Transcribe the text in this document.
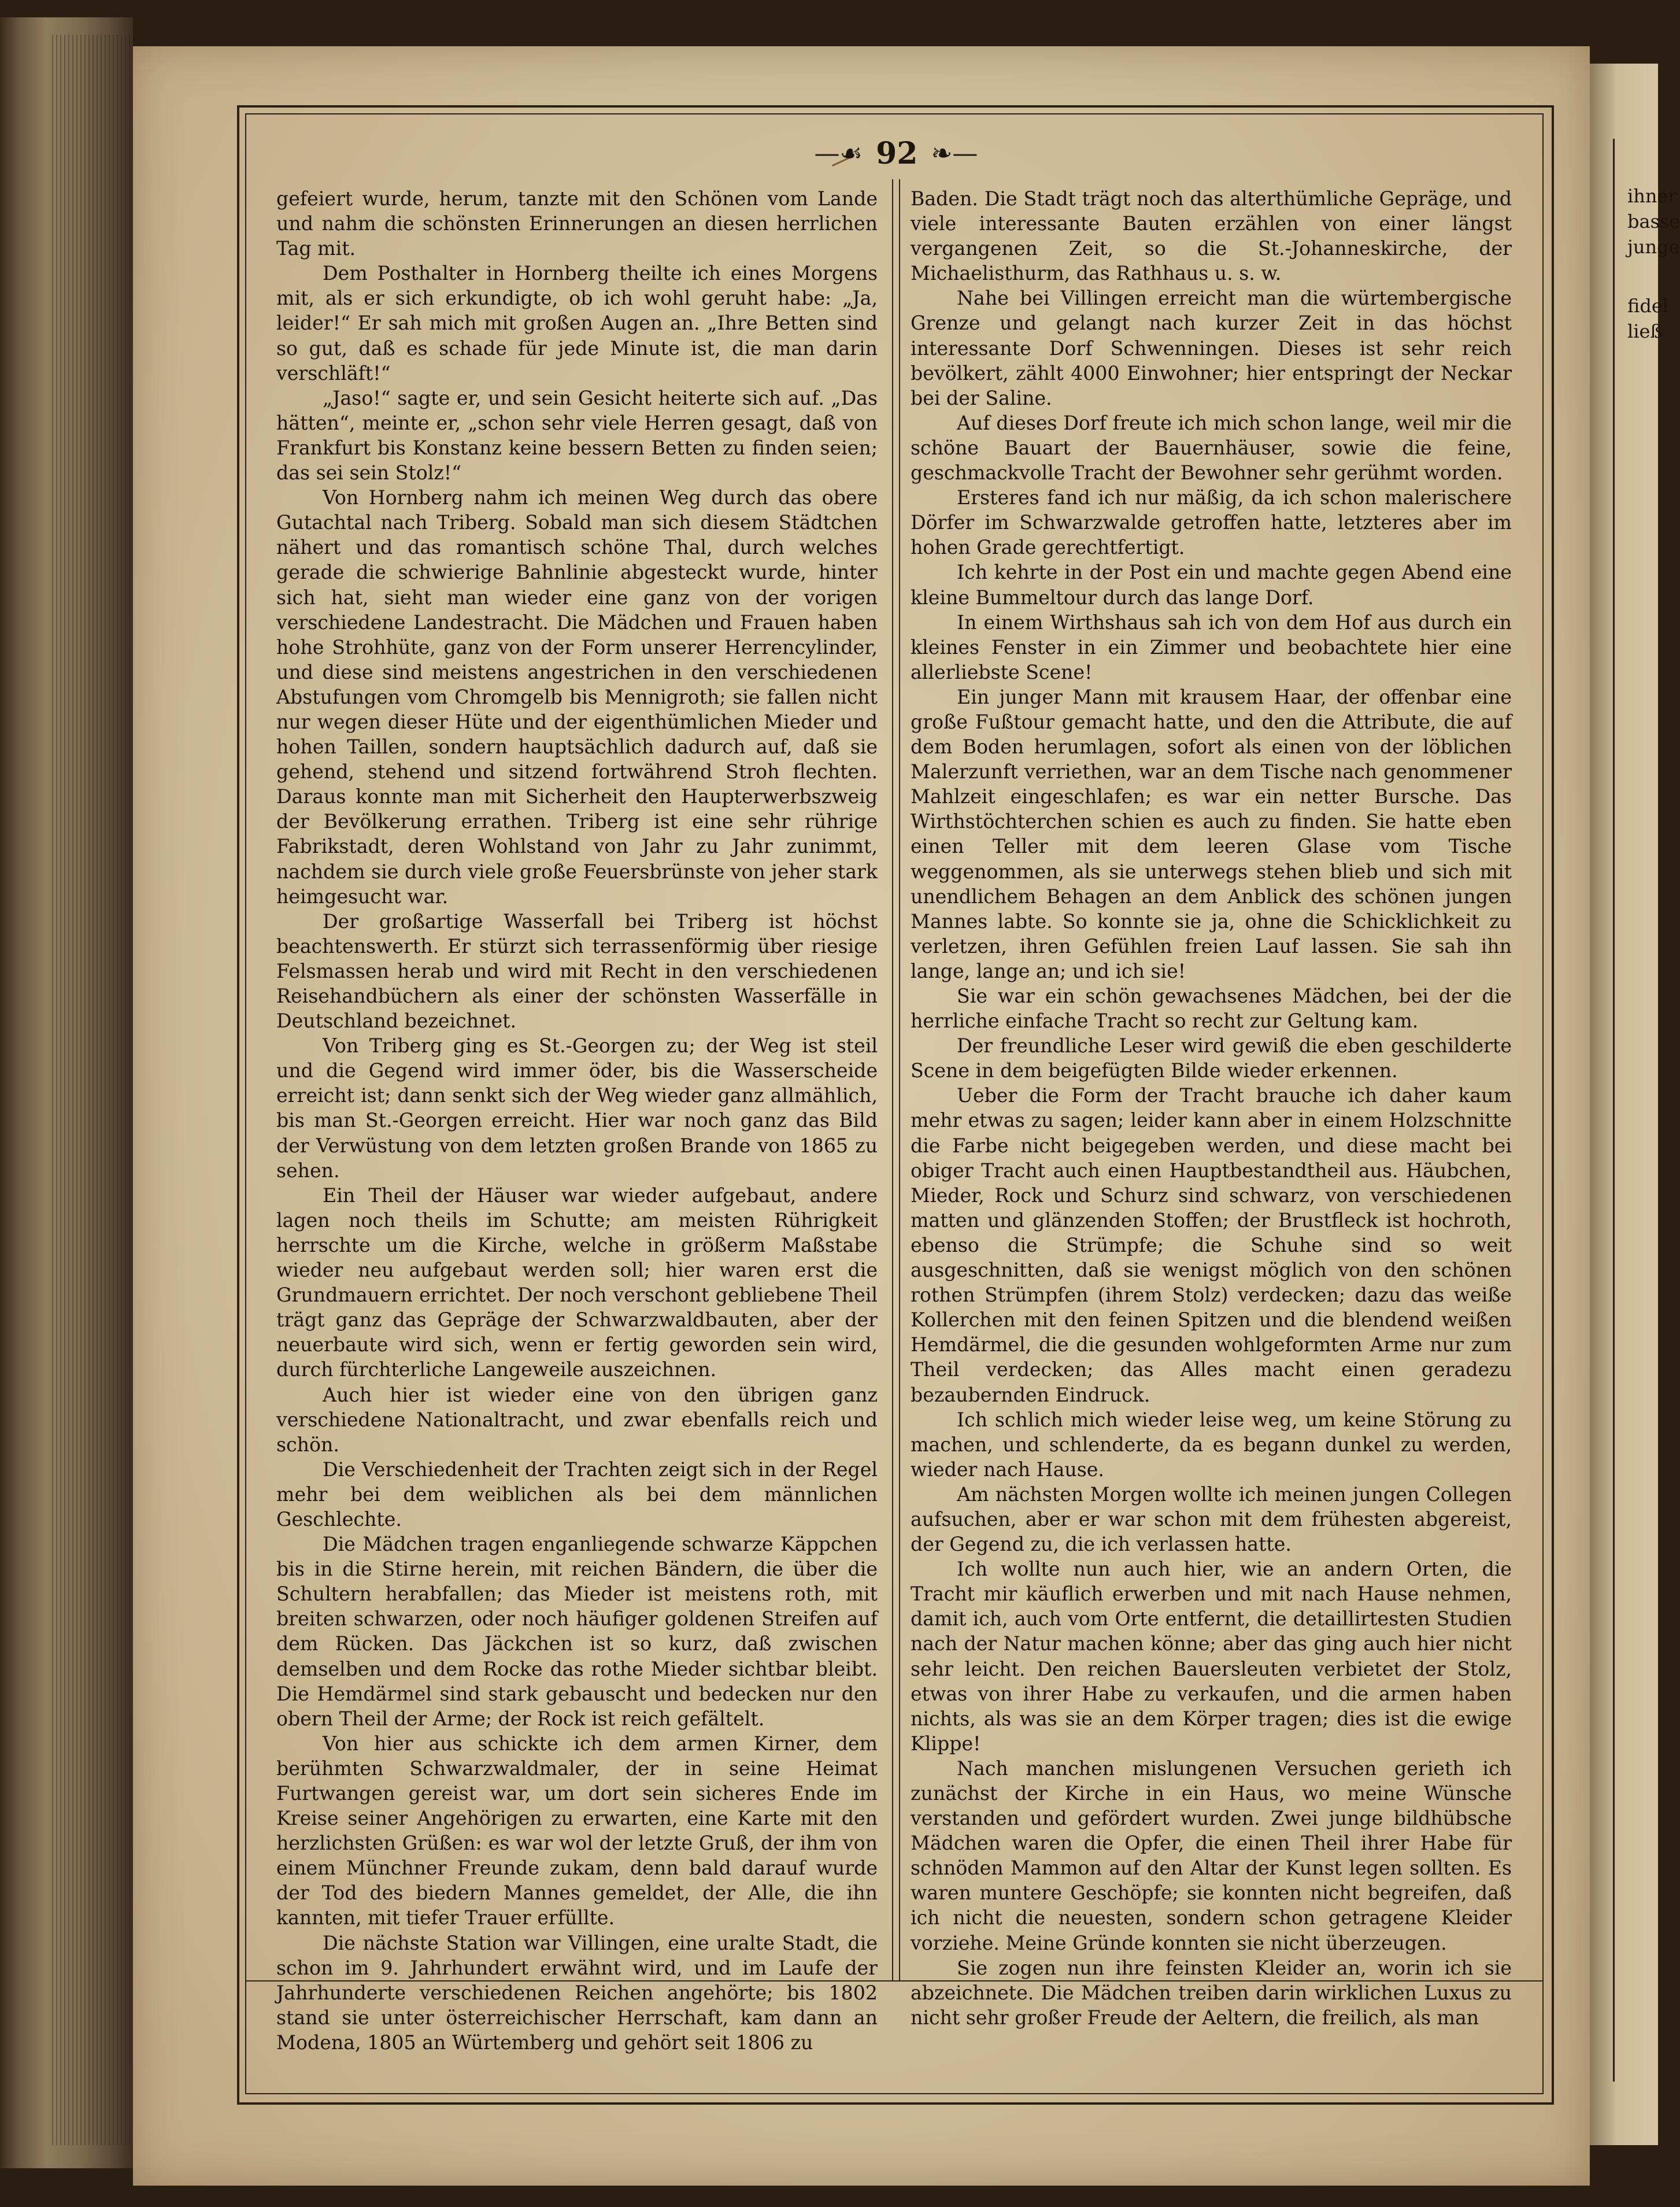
ihner
basse
junge
fidel
ließ
—☙ 92 ❧—

gefeiert wurde, herum, tanzte mit den Schönen vom Lande und nahm die schönsten Erinnerungen an diesen herrlichen Tag mit.

Dem Posthalter in Hornberg theilte ich eines Morgens mit, als er sich erkundigte, ob ich wohl geruht habe: „Ja, leider!“ Er sah mich mit großen Augen an. „Ihre Betten sind so gut, daß es schade für jede Minute ist, die man darin verschläft!“

„Jaso!“ sagte er, und sein Gesicht heiterte sich auf. „Das hätten“, meinte er, „schon sehr viele Herren gesagt, daß von Frankfurt bis Konstanz keine bessern Betten zu finden seien; das sei sein Stolz!“

Von Hornberg nahm ich meinen Weg durch das obere Gutachtal nach Triberg. Sobald man sich diesem Städtchen nähert und das romantisch schöne Thal, durch welches gerade die schwierige Bahnlinie abgesteckt wurde, hinter sich hat, sieht man wieder eine ganz von der vorigen verschiedene Landestracht. Die Mädchen und Frauen haben hohe Strohhüte, ganz von der Form unserer Herrencylinder, und diese sind meistens angestrichen in den verschiedenen Abstufungen vom Chromgelb bis Mennigroth; sie fallen nicht nur wegen dieser Hüte und der eigenthümlichen Mieder und hohen Taillen, sondern hauptsächlich dadurch auf, daß sie gehend, stehend und sitzend fortwährend Stroh flechten. Daraus konnte man mit Sicherheit den Haupterwerbszweig der Bevölkerung errathen. Triberg ist eine sehr rührige Fabrikstadt, deren Wohlstand von Jahr zu Jahr zunimmt, nachdem sie durch viele große Feuersbrünste von jeher stark heimgesucht war.

Der großartige Wasserfall bei Triberg ist höchst beachtenswerth. Er stürzt sich terrassenförmig über riesige Felsmassen herab und wird mit Recht in den verschiedenen Reisehandbüchern als einer der schönsten Wasserfälle in Deutschland bezeichnet.

Von Triberg ging es St.-Georgen zu; der Weg ist steil und die Gegend wird immer öder, bis die Wasserscheide erreicht ist; dann senkt sich der Weg wieder ganz allmählich, bis man St.-Georgen erreicht. Hier war noch ganz das Bild der Verwüstung von dem letzten großen Brande von 1865 zu sehen.

Ein Theil der Häuser war wieder aufgebaut, andere lagen noch theils im Schutte; am meisten Rührigkeit herrschte um die Kirche, welche in größerm Maßstabe wieder neu aufgebaut werden soll; hier waren erst die Grundmauern errichtet. Der noch verschont gebliebene Theil trägt ganz das Gepräge der Schwarzwaldbauten, aber der neuerbaute wird sich, wenn er fertig geworden sein wird, durch fürchterliche Langeweile auszeichnen.

Auch hier ist wieder eine von den übrigen ganz verschiedene Nationaltracht, und zwar ebenfalls reich und schön.

Die Verschiedenheit der Trachten zeigt sich in der Regel mehr bei dem weiblichen als bei dem männlichen Geschlechte.

Die Mädchen tragen enganliegende schwarze Käppchen bis in die Stirne herein, mit reichen Bändern, die über die Schultern herabfallen; das Mieder ist meistens roth, mit breiten schwarzen, oder noch häufiger goldenen Streifen auf dem Rücken. Das Jäckchen ist so kurz, daß zwischen demselben und dem Rocke das rothe Mieder sichtbar bleibt. Die Hemdärmel sind stark gebauscht und bedecken nur den obern Theil der Arme; der Rock ist reich gefältelt.

Von hier aus schickte ich dem armen Kirner, dem berühmten Schwarzwaldmaler, der in seine Heimat Furtwangen gereist war, um dort sein sicheres Ende im Kreise seiner Angehörigen zu erwarten, eine Karte mit den herzlichsten Grüßen: es war wol der letzte Gruß, der ihm von einem Münchner Freunde zukam, denn bald darauf wurde der Tod des biedern Mannes gemeldet, der Alle, die ihn kannten, mit tiefer Trauer erfüllte.

Die nächste Station war Villingen, eine uralte Stadt, die schon im 9. Jahrhundert erwähnt wird, und im Laufe der Jahrhunderte verschiedenen Reichen angehörte; bis 1802 stand sie unter österreichischer Herrschaft, kam dann an Modena, 1805 an Würtemberg und gehört seit 1806 zu

Baden. Die Stadt trägt noch das alterthümliche Gepräge, und viele interessante Bauten erzählen von einer längst vergangenen Zeit, so die St.-Johanneskirche, der Michaelisthurm, das Rathhaus u. s. w.

Nahe bei Villingen erreicht man die würtembergische Grenze und gelangt nach kurzer Zeit in das höchst interessante Dorf Schwenningen. Dieses ist sehr reich bevölkert, zählt 4000 Einwohner; hier entspringt der Neckar bei der Saline.

Auf dieses Dorf freute ich mich schon lange, weil mir die schöne Bauart der Bauernhäuser, sowie die feine, geschmackvolle Tracht der Bewohner sehr gerühmt worden.

Ersteres fand ich nur mäßig, da ich schon malerischere Dörfer im Schwarzwalde getroffen hatte, letzteres aber im hohen Grade gerechtfertigt.

Ich kehrte in der Post ein und machte gegen Abend eine kleine Bummeltour durch das lange Dorf.

In einem Wirthshaus sah ich von dem Hof aus durch ein kleines Fenster in ein Zimmer und beobachtete hier eine allerliebste Scene!

Ein junger Mann mit krausem Haar, der offenbar eine große Fußtour gemacht hatte, und den die Attribute, die auf dem Boden herumlagen, sofort als einen von der löblichen Malerzunft verriethen, war an dem Tische nach genommener Mahlzeit eingeschlafen; es war ein netter Bursche. Das Wirthstöchterchen schien es auch zu finden. Sie hatte eben einen Teller mit dem leeren Glase vom Tische weggenommen, als sie unterwegs stehen blieb und sich mit unendlichem Behagen an dem Anblick des schönen jungen Mannes labte. So konnte sie ja, ohne die Schicklichkeit zu verletzen, ihren Gefühlen freien Lauf lassen. Sie sah ihn lange, lange an; und ich sie!

Sie war ein schön gewachsenes Mädchen, bei der die herrliche einfache Tracht so recht zur Geltung kam.

Der freundliche Leser wird gewiß die eben geschilderte Scene in dem beigefügten Bilde wieder erkennen.

Ueber die Form der Tracht brauche ich daher kaum mehr etwas zu sagen; leider kann aber in einem Holzschnitte die Farbe nicht beigegeben werden, und diese macht bei obiger Tracht auch einen Hauptbestandtheil aus. Häubchen, Mieder, Rock und Schurz sind schwarz, von verschiedenen matten und glänzenden Stoffen; der Brustfleck ist hochroth, ebenso die Strümpfe; die Schuhe sind so weit ausgeschnitten, daß sie wenigst möglich von den schönen rothen Strümpfen (ihrem Stolz) verdecken; dazu das weiße Kollerchen mit den feinen Spitzen und die blendend weißen Hemdärmel, die die gesunden wohlgeformten Arme nur zum Theil verdecken; das Alles macht einen geradezu bezaubernden Eindruck.

Ich schlich mich wieder leise weg, um keine Störung zu machen, und schlenderte, da es begann dunkel zu werden, wieder nach Hause.

Am nächsten Morgen wollte ich meinen jungen Collegen aufsuchen, aber er war schon mit dem frühesten abgereist, der Gegend zu, die ich verlassen hatte.

Ich wollte nun auch hier, wie an andern Orten, die Tracht mir käuflich erwerben und mit nach Hause nehmen, damit ich, auch vom Orte entfernt, die detaillirtesten Studien nach der Natur machen könne; aber das ging auch hier nicht sehr leicht. Den reichen Bauersleuten verbietet der Stolz, etwas von ihrer Habe zu verkaufen, und die armen haben nichts, als was sie an dem Körper tragen; dies ist die ewige Klippe!

Nach manchen mislungenen Versuchen gerieth ich zunächst der Kirche in ein Haus, wo meine Wünsche verstanden und gefördert wurden. Zwei junge bildhübsche Mädchen waren die Opfer, die einen Theil ihrer Habe für schnöden Mammon auf den Altar der Kunst legen sollten. Es waren muntere Geschöpfe; sie konnten nicht begreifen, daß ich nicht die neuesten, sondern schon getragene Kleider vorziehe. Meine Gründe konnten sie nicht überzeugen.

Sie zogen nun ihre feinsten Kleider an, worin ich sie abzeichnete. Die Mädchen treiben darin wirklichen Luxus zu nicht sehr großer Freude der Aeltern, die freilich, als man
